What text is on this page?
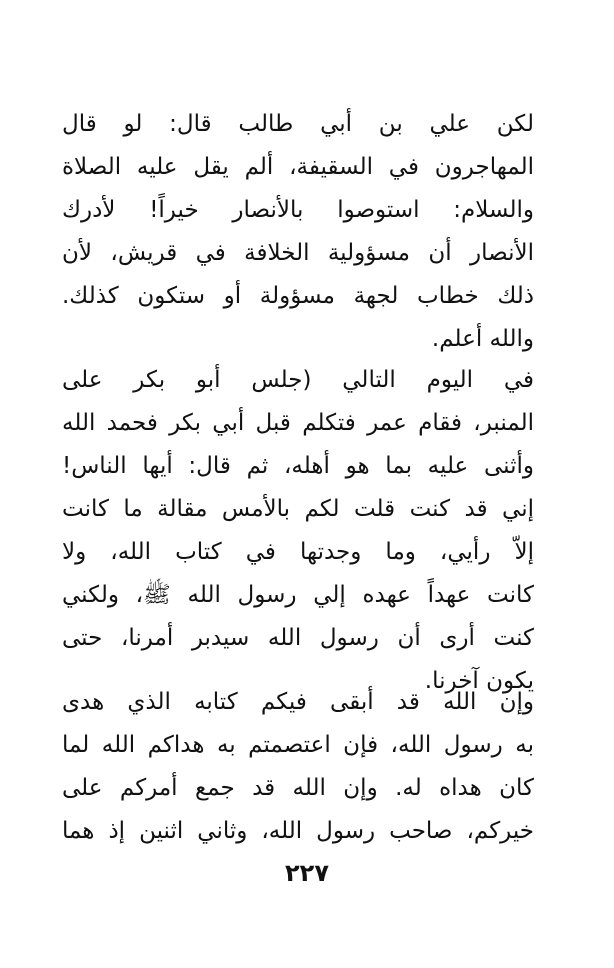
لكن علي بن أبي طالب قال: لو قال
المهاجرون في السقيفة، ألم يقل عليه الصلاة
والسلام: استوصوا بالأنصار خيراً! لأدرك
الأنصار أن مسؤولية الخلافة في قريش، لأن
ذلك خطاب لجهة مسؤولة أو ستكون كذلك.
والله أعلم.
في اليوم التالي (جلس أبو بكر على
المنبر، فقام عمر فتكلم قبل أبي بكر فحمد الله
وأثنى عليه بما هو أهله، ثم قال: أيها الناس!
إني قد كنت قلت لكم بالأمس مقالة ما كانت
إلاّ رأيي، وما وجدتها في كتاب الله، ولا
كانت عهداً عهده إلي رسول الله ﷺ، ولكني
كنت أرى أن رسول الله سيدبر أمرنا، حتى
يكون آخرنا.
وإن الله قد أبقى فيكم كتابه الذي هدى
به رسول الله، فإن اعتصمتم به هداكم الله لما
كان هداه له. وإن الله قد جمع أمركم على
خيركم، صاحب رسول الله، وثاني اثنين إذ هما
٢٢٧
